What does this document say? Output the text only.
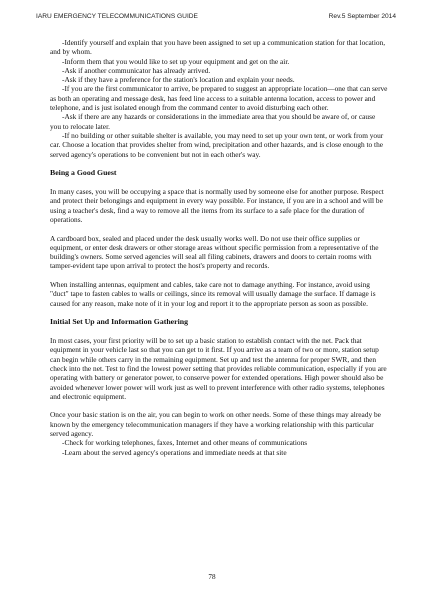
IARU EMERGENCY TELECOMMUNICATIONS GUIDE	Rev.5 September 2014

-Identify yourself and explain that you have been assigned to set up a communication station for that location, and by whom.

-Inform them that you would like to set up your equipment and get on the air.

-Ask if another communicator has already arrived.

-Ask if they have a preference for the station's location and explain your needs.

-If you are the first communicator to arrive, be prepared to suggest an appropriate location—one that can serve as both an operating and message desk, has feed line access to a suitable antenna location, access to power and telephone, and is just isolated enough from the command center to avoid disturbing each other.

-Ask if there are any hazards or considerations in the immediate area that you should be aware of, or cause you to relocate later.

-If no building or other suitable shelter is available, you may need to set up your own tent, or work from your car. Choose a location that provides shelter from wind, precipitation and other hazards, and is close enough to the served agency's operations to be convenient but not in each other's way.

Being a Good Guest

In many cases, you will be occupying a space that is normally used by someone else for another purpose. Respect and protect their belongings and equipment in every way possible. For instance, if you are in a school and will be using a teacher's desk, find a way to remove all the items from its surface to a safe place for the duration of operations.

A cardboard box, sealed and placed under the desk usually works well. Do not use their office supplies or equipment, or enter desk drawers or other storage areas without specific permission from a representative of the building's owners. Some served agencies will seal all filing cabinets, drawers and doors to certain rooms with tamper-evident tape upon arrival to protect the host's property and records.

When installing antennas, equipment and cables, take care not to damage anything. For instance, avoid using "duct" tape to fasten cables to walls or ceilings, since its removal will usually damage the surface. If damage is caused for any reason, make note of it in your log and report it to the appropriate person as soon as possible.

Initial Set Up and Information Gathering

In most cases, your first priority will be to set up a basic station to establish contact with the net. Pack that equipment in your vehicle last so that you can get to it first. If you arrive as a team of two or more, station setup can begin while others carry in the remaining equipment. Set up and test the antenna for proper SWR, and then check into the net. Test to find the lowest power setting that provides reliable communication, especially if you are operating with battery or generator power, to conserve power for extended operations. High power should also be avoided whenever lower power will work just as well to prevent interference with other radio systems, telephones and electronic equipment.

Once your basic station is on the air, you can begin to work on other needs. Some of these things may already be known by the emergency telecommunication managers if they have a working relationship with this particular served agency.

-Check for working telephones, faxes, Internet and other means of communications

-Learn about the served agency's operations and immediate needs at that site

78
